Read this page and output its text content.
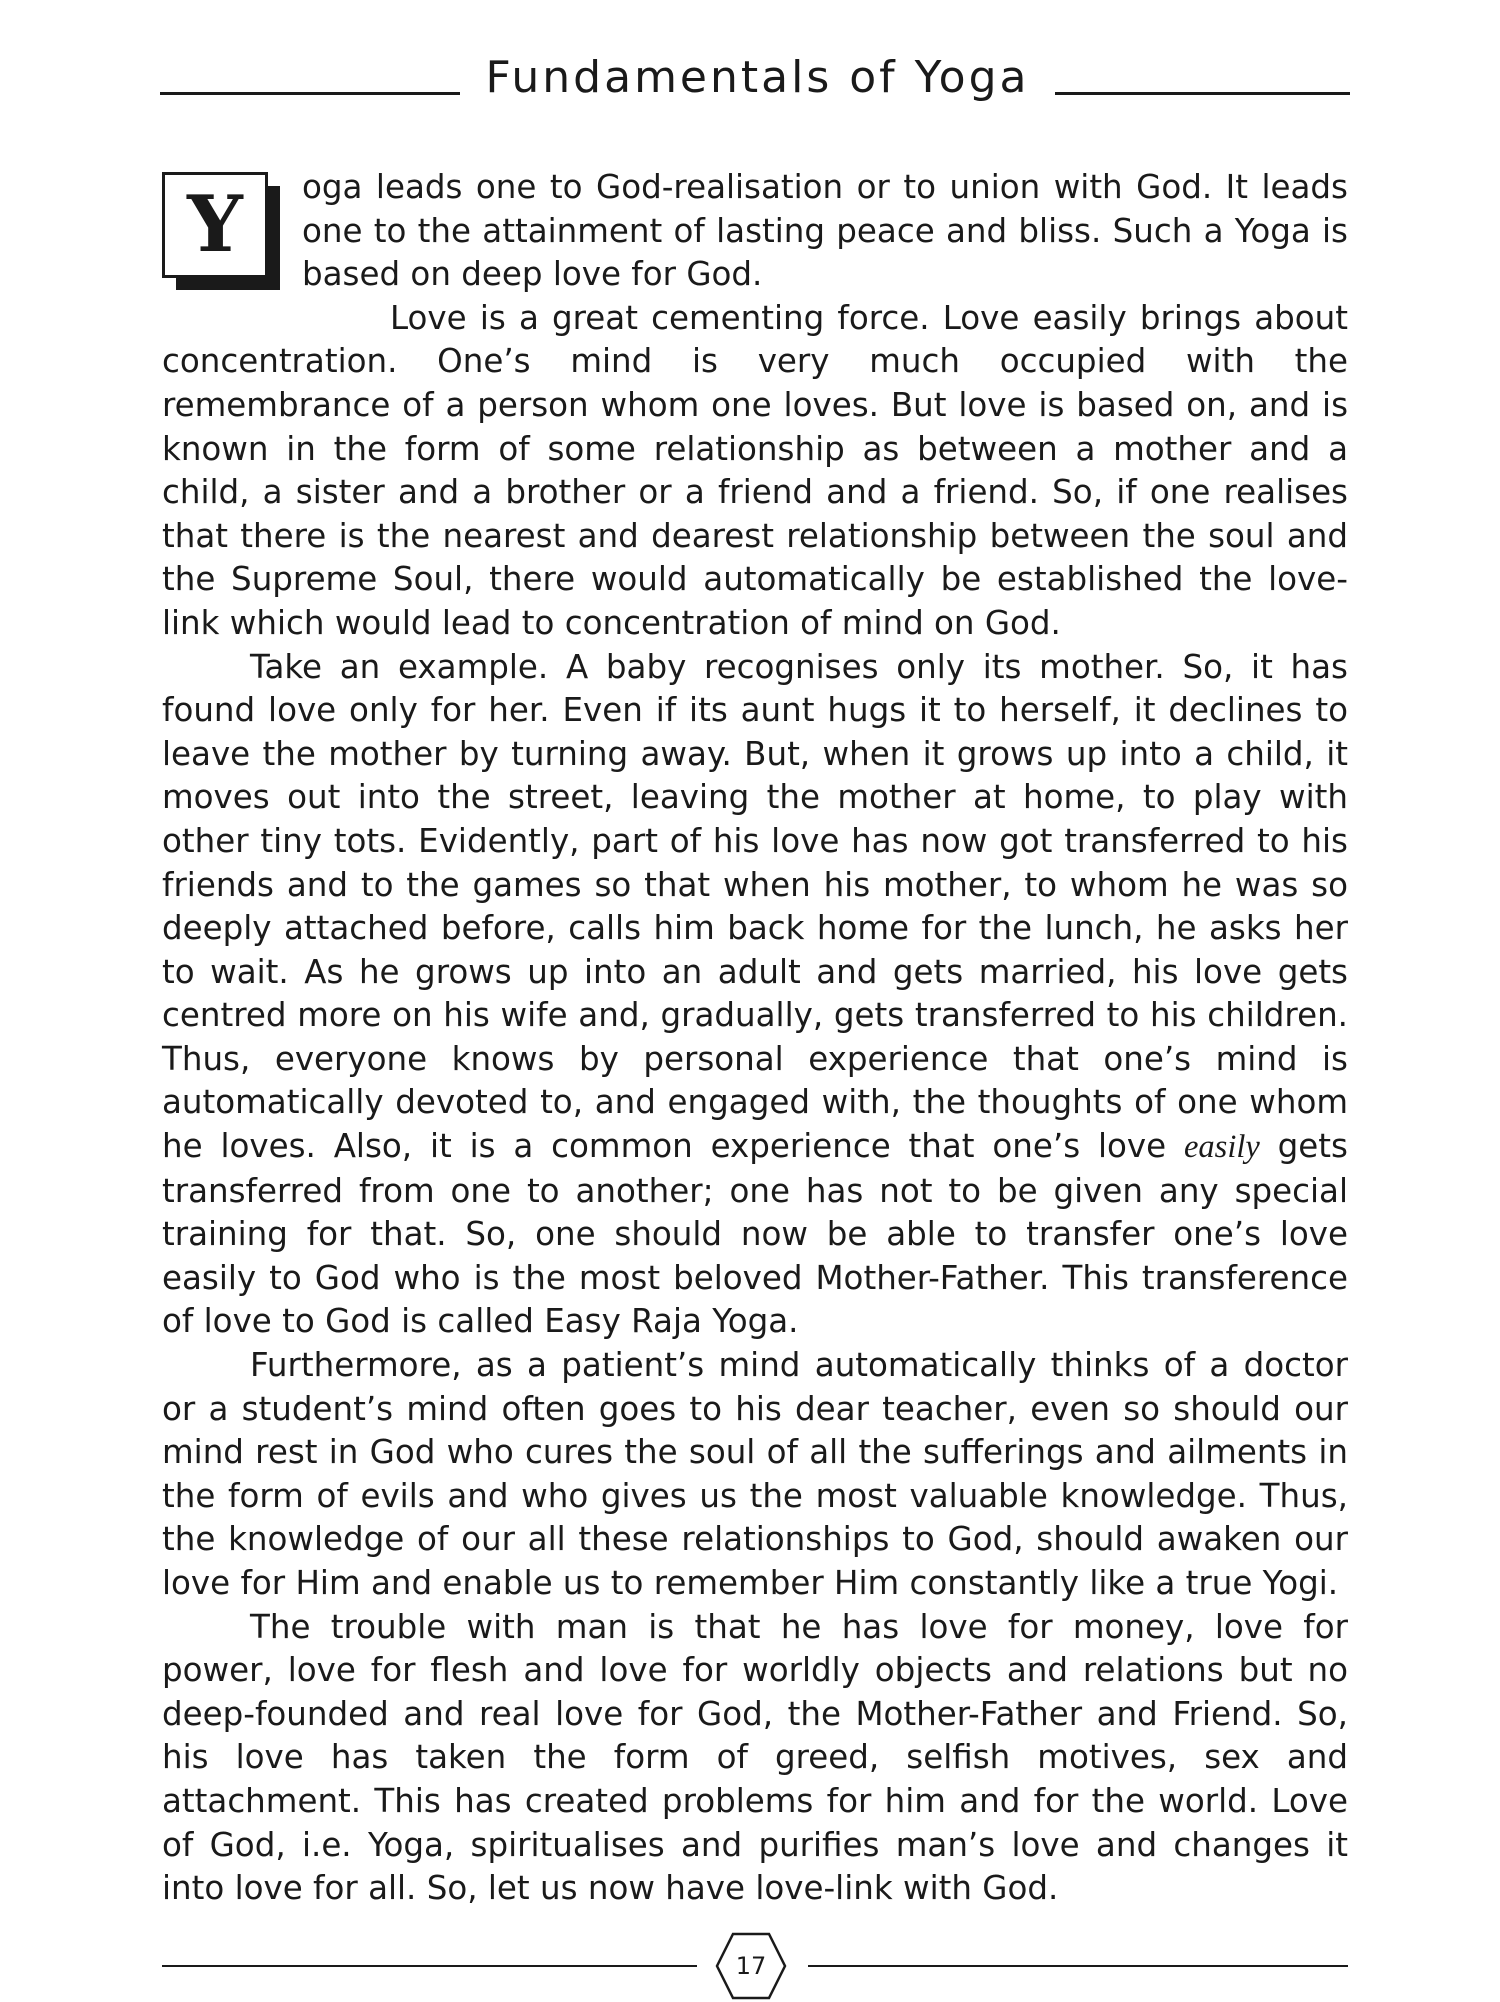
Fundamentals of Yoga

Y	oga leads one to God-realisation or to union with God. It leads one to the attainment of lasting peace and bliss. Such a Yoga is based on deep love for God.

Love is a great cementing force. Love easily brings about concentration. One’s mind is very much occupied with the remembrance of a person whom one loves. But love is based on, and is known in the form of some relationship as between a mother and a child, a sister and a brother or a friend and a friend. So, if one realises that there is the nearest and dearest relationship between the soul and the Supreme Soul, there would automatically be established the love-link which would lead to concentration of mind on God.

Take an example. A baby recognises only its mother. So, it has found love only for her. Even if its aunt hugs it to herself, it declines to leave the mother by turning away. But, when it grows up into a child, it moves out into the street, leaving the mother at home, to play with other tiny tots. Evidently, part of his love has now got transferred to his friends and to the games so that when his mother, to whom he was so deeply attached before, calls him back home for the lunch, he asks her to wait. As he grows up into an adult and gets married, his love gets centred more on his wife and, gradually, gets transferred to his children. Thus, everyone knows by personal experience that one’s mind is automatically devoted to, and engaged with, the thoughts of one whom he loves. Also, it is a common experience that one’s love easily gets transferred from one to another; one has not to be given any special training for that. So, one should now be able to transfer one’s love easily to God who is the most beloved Mother-Father. This transference of love to God is called Easy Raja Yoga.

Furthermore, as a patient’s mind automatically thinks of a doctor or a student’s mind often goes to his dear teacher, even so should our mind rest in God who cures the soul of all the sufferings and ailments in the form of evils and who gives us the most valuable knowledge. Thus, the knowledge of our all these relationships to God, should awaken our love for Him and enable us to remember Him constantly like a true Yogi.

The trouble with man is that he has love for money, love for power, love for flesh and love for worldly objects and relations but no deep-founded and real love for God, the Mother-Father and Friend. So, his love has taken the form of greed, selfish motives, sex and attachment. This has created problems for him and for the world. Love of God, i.e. Yoga, spiritualises and purifies man’s love and changes it into love for all. So, let us now have love-link with God.

17
